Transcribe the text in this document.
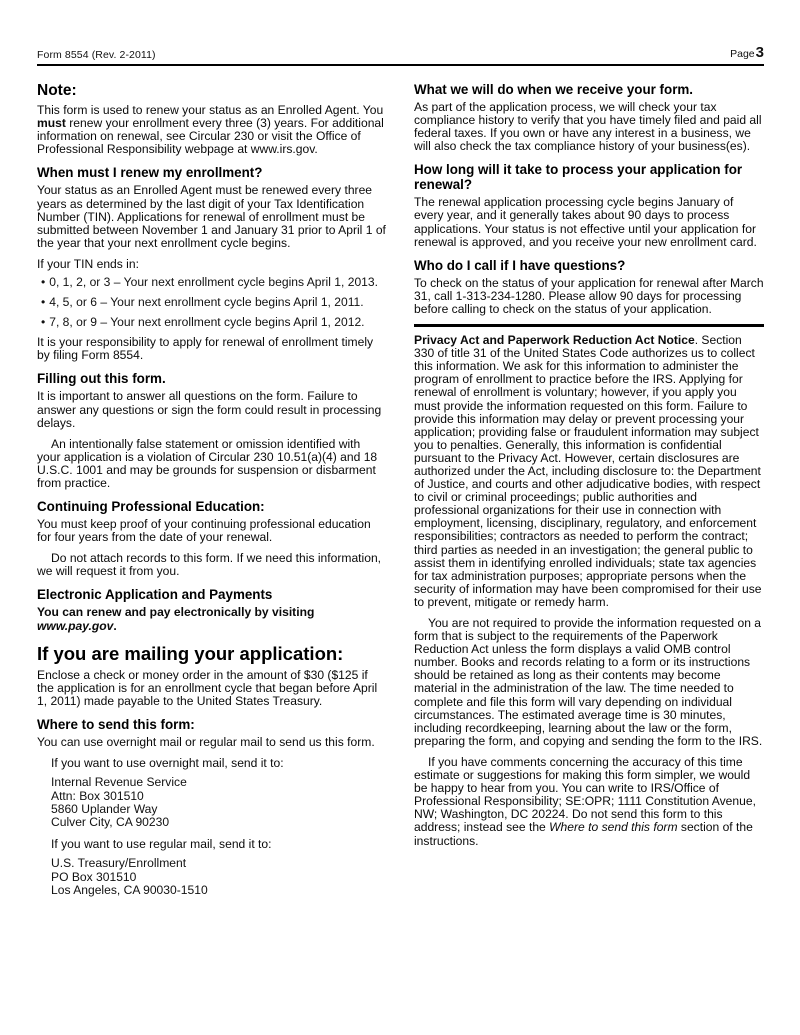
Form 8554 (Rev. 2-2011)	Page3
Note:

This form is used to renew your status as an Enrolled Agent. You must renew your enrollment every three (3) years. For additional information on renewal, see Circular 230 or visit the Office of Professional Responsibility webpage at www.irs.gov.

When must I renew my enrollment?

Your status as an Enrolled Agent must be renewed every three years as determined by the last digit of your Tax Identification Number (TIN). Applications for renewal of enrollment must be submitted between November 1 and January 31 prior to April 1 of the year that your next enrollment cycle begins.

If your TIN ends in:

• 0, 1, 2, or 3 – Your next enrollment cycle begins April 1, 2013.
• 4, 5, or 6 – Your next enrollment cycle begins April 1, 2011.
• 7, 8, or 9 – Your next enrollment cycle begins April 1, 2012.

It is your responsibility to apply for renewal of enrollment timely by filing Form 8554.

Filling out this form.

It is important to answer all questions on the form. Failure to answer any questions or sign the form could result in processing delays.

An intentionally false statement or omission identified with your application is a violation of Circular 230 10.51(a)(4) and 18 U.S.C. 1001 and may be grounds for suspension or disbarment from practice.

Continuing Professional Education:

You must keep proof of your continuing professional education for four years from the date of your renewal.

Do not attach records to this form. If we need this information, we will request it from you.

Electronic Application and Payments

You can renew and pay electronically by visiting www.pay.gov.

If you are mailing your application:

Enclose a check or money order in the amount of $30 ($125 if the application is for an enrollment cycle that began before April 1, 2011) made payable to the United States Treasury.

Where to send this form:

You can use overnight mail or regular mail to send us this form.

If you want to use overnight mail, send it to:

Internal Revenue Service
Attn: Box 301510
5860 Uplander Way
Culver City, CA 90230

If you want to use regular mail, send it to:

U.S. Treasury/Enrollment
PO Box 301510
Los Angeles, CA 90030-1510
What we will do when we receive your form.

As part of the application process, we will check your tax compliance history to verify that you have timely filed and paid all federal taxes. If you own or have any interest in a business, we will also check the tax compliance history of your business(es).

How long will it take to process your application for renewal?

The renewal application processing cycle begins January of every year, and it generally takes about 90 days to process applications. Your status is not effective until your application for renewal is approved, and you receive your new enrollment card.

Who do I call if I have questions?

To check on the status of your application for renewal after March 31, call 1-313-234-1280. Please allow 90 days for processing before calling to check on the status of your application.

Privacy Act and Paperwork Reduction Act Notice. Section 330 of title 31 of the United States Code authorizes us to collect this information. We ask for this information to administer the program of enrollment to practice before the IRS. Applying for renewal of enrollment is voluntary; however, if you apply you must provide the information requested on this form. Failure to provide this information may delay or prevent processing your application; providing false or fraudulent information may subject you to penalties. Generally, this information is confidential pursuant to the Privacy Act. However, certain disclosures are authorized under the Act, including disclosure to: the Department of Justice, and courts and other adjudicative bodies, with respect to civil or criminal proceedings; public authorities and professional organizations for their use in connection with employment, licensing, disciplinary, regulatory, and enforcement responsibilities; contractors as needed to perform the contract; third parties as needed in an investigation; the general public to assist them in identifying enrolled individuals; state tax agencies for tax administration purposes; appropriate persons when the security of information may have been compromised for their use to prevent, mitigate or remedy harm.

You are not required to provide the information requested on a form that is subject to the requirements of the Paperwork Reduction Act unless the form displays a valid OMB control number. Books and records relating to a form or its instructions should be retained as long as their contents may become material in the administration of the law. The time needed to complete and file this form will vary depending on individual circumstances. The estimated average time is 30 minutes, including recordkeeping, learning about the law or the form, preparing the form, and copying and sending the form to the IRS.

If you have comments concerning the accuracy of this time estimate or suggestions for making this form simpler, we would be happy to hear from you. You can write to IRS/Office of Professional Responsibility; SE:OPR; 1111 Constitution Avenue, NW; Washington, DC 20224. Do not send this form to this address; instead see the Where to send this form section of the instructions.
